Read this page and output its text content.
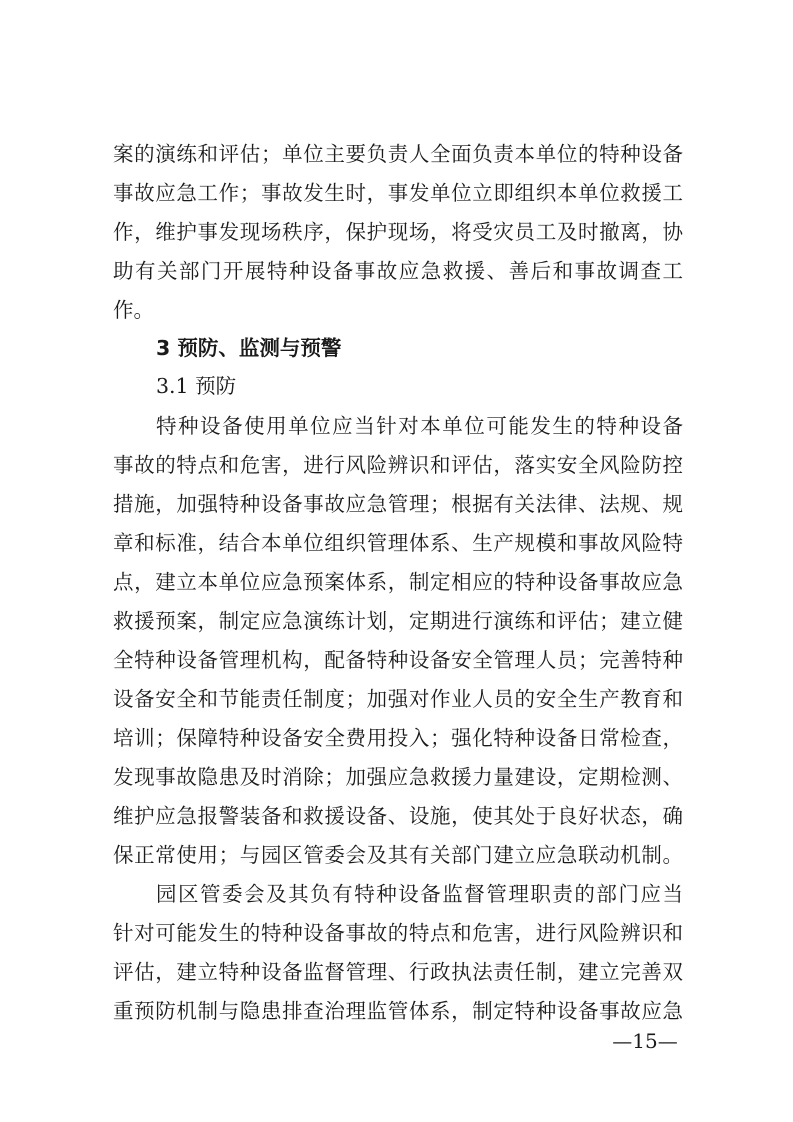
案的演练和评估；单位主要负责人全面负责本单位的特种设备
事故应急工作；事故发生时，事发单位立即组织本单位救援工
作，维护事发现场秩序，保护现场，将受灾员工及时撤离，协
助有关部门开展特种设备事故应急救援、善后和事故调查工
作。
3 预防、监测与预警
3.1 预防
特种设备使用单位应当针对本单位可能发生的特种设备
事故的特点和危害，进行风险辨识和评估，落实安全风险防控
措施，加强特种设备事故应急管理；根据有关法律、法规、规
章和标准，结合本单位组织管理体系、生产规模和事故风险特
点，建立本单位应急预案体系，制定相应的特种设备事故应急
救援预案，制定应急演练计划，定期进行演练和评估；建立健
全特种设备管理机构，配备特种设备安全管理人员；完善特种
设备安全和节能责任制度；加强对作业人员的安全生产教育和
培训；保障特种设备安全费用投入；强化特种设备日常检查，
发现事故隐患及时消除；加强应急救援力量建设，定期检测、
维护应急报警装备和救援设备、设施，使其处于良好状态，确
保正常使用；与园区管委会及其有关部门建立应急联动机制。
园区管委会及其负有特种设备监督管理职责的部门应当
针对可能发生的特种设备事故的特点和危害，进行风险辨识和
评估，建立特种设备监督管理、行政执法责任制，建立完善双
重预防机制与隐患排查治理监管体系，制定特种设备事故应急
—15—
